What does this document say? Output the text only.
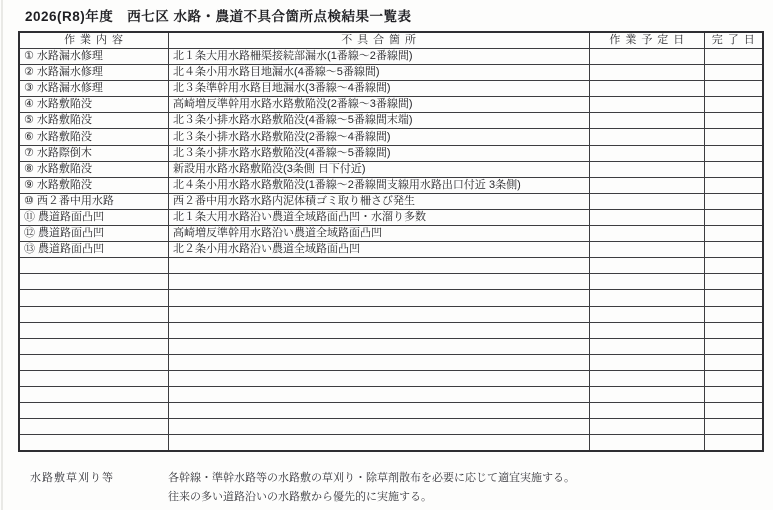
2026(R8)年度　西七区 水路・農道不具合箇所点検結果一覧表
作業内容	不具合箇所	作業予定日	完了日
① 水路漏水修理	北１条大用水路柵渠接続部漏水(1番線～2番線間)		
② 水路漏水修理	北４条小用水路目地漏水(4番線～5番線間)		
③ 水路漏水修理	北３条準幹用水路目地漏水(3番線～4番線間)		
④ 水路敷陥没	高崎増反準幹用水路水路敷陥没(2番線～3番線間)		
⑤ 水路敷陥没	北３条小排水路水路敷陥没(4番線～5番線間末端)		
⑥ 水路敷陥没	北３条小排水路水路敷陥没(2番線～4番線間)		
⑦ 水路際倒木	北３条小排水路水路敷陥没(4番線～5番線間)		
⑧ 水路敷陥没	新設用水路水路敷陥没(3条側 日下付近)		
⑨ 水路敷陥没	北４条小用水路水路敷陥没(1番線～2番線間支線用水路出口付近 3条側)		
⑩ 西２番中用水路	西２番中用水路水路内泥体積ゴミ取り柵さび発生		
⑪ 農道路面凸凹	北１条大用水路沿い農道全域路面凸凹・水溜り多数		
⑫ 農道路面凸凹	高崎増反準幹用水路沿い農道全域路面凸凹		
⑬ 農道路面凸凹	北２条小用水路沿い農道全域路面凸凹		

水路敷草刈り等	各幹線・準幹水路等の水路敷の草刈り・除草剤散布を必要に応じて適宜実施する。
往来の多い道路沿いの水路敷から優先的に実施する。
